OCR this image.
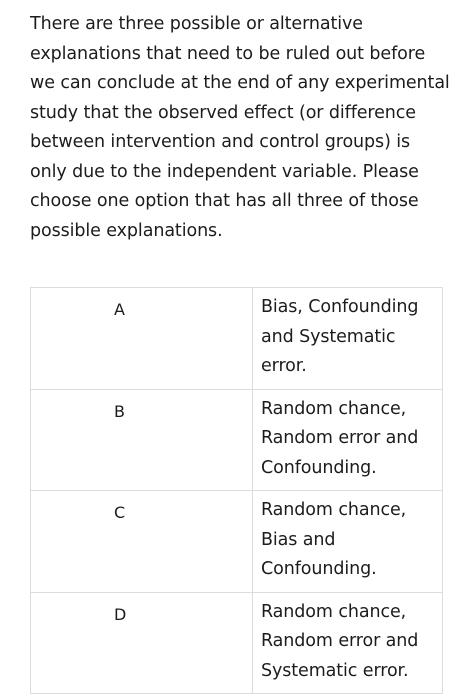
There are three possible or alternative explanations that need to be ruled out before we can conclude at the end of any experimental study that the observed effect (or difference between intervention and control groups) is only due to the independent variable. Please choose one option that has all three of those possible explanations.

A	Bias, Confounding and Systematic error.
B	Random chance, Random error and Confounding.
C	Random chance, Bias and Confounding.
D	Random chance, Random error and Systematic error.
